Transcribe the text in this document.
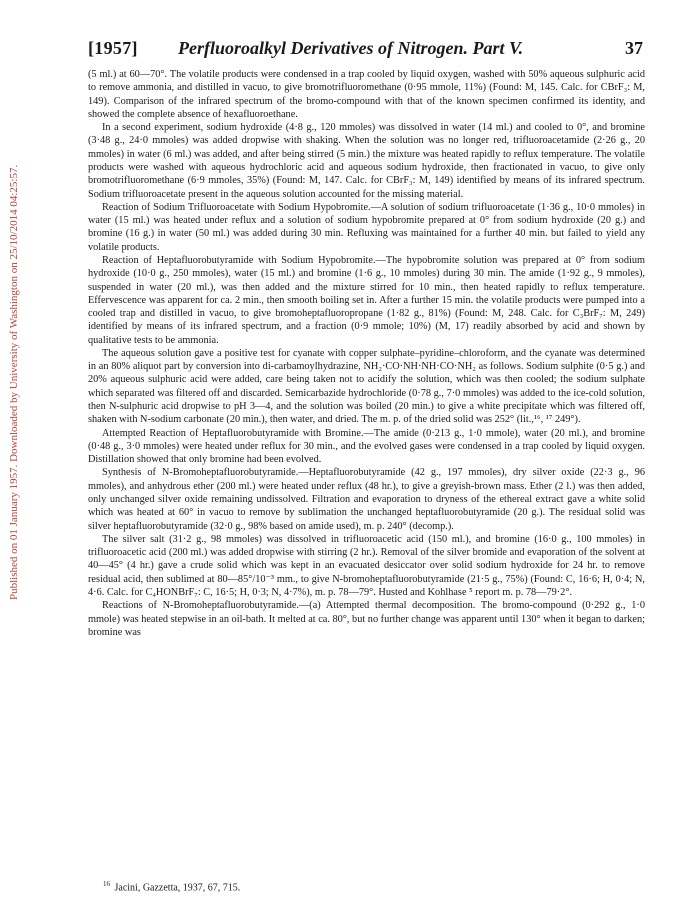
[1957] Perfluoroalkyl Derivatives of Nitrogen. Part V.	37
Published on 01 January 1957. Downloaded by University of Washington on 25/10/2014 04:25:57.

(5 ml.) at 60—70°. The volatile products were condensed in a trap cooled by liquid oxygen, washed with 50% aqueous sulphuric acid to remove ammonia, and distilled in vacuo, to give bromotrifluoromethane (0·95 mmole, 11%) (Found: M, 145. Calc. for CBrF₃: M, 149). Comparison of the infrared spectrum of the bromo-compound with that of the known specimen confirmed its identity, and showed the complete absence of hexafluoroethane.

In a second experiment, sodium hydroxide (4·8 g., 120 mmoles) was dissolved in water (14 ml.) and cooled to 0°, and bromine (3·48 g., 24·0 mmoles) was added dropwise with shaking. When the solution was no longer red, trifluoroacetamide (2·26 g., 20 mmoles) in water (6 ml.) was added, and after being stirred (5 min.) the mixture was heated rapidly to reflux temperature. The volatile products were washed with aqueous hydrochloric acid and aqueous sodium hydroxide, then fractionated in vacuo, to give only bromotrifluoromethane (6·9 mmoles, 35%) (Found: M, 147. Calc. for CBrF₃: M, 149) identified by means of its infrared spectrum. Sodium trifluoroacetate present in the aqueous solution accounted for the missing material.

Reaction of Sodium Trifluoroacetate with Sodium Hypobromite.—A solution of sodium trifluoroacetate (1·36 g., 10·0 mmoles) in water (15 ml.) was heated under reflux and a solution of sodium hypobromite prepared at 0° from sodium hydroxide (20 g.) and bromine (16 g.) in water (50 ml.) was added during 30 min. Refluxing was maintained for a further 40 min. but failed to yield any volatile products.

Reaction of Heptafluorobutyramide with Sodium Hypobromite.—The hypobromite solution was prepared at 0° from sodium hydroxide (10·0 g., 250 mmoles), water (15 ml.) and bromine (1·6 g., 10 mmoles) during 30 min. The amide (1·92 g., 9 mmoles), suspended in water (20 ml.), was then added and the mixture stirred for 10 min., then heated rapidly to reflux temperature. Effervescence was apparent for ca. 2 min., then smooth boiling set in. After a further 15 min. the volatile products were pumped into a cooled trap and distilled in vacuo, to give bromoheptafluoropropane (1·82 g., 81%) (Found: M, 248. Calc. for C₃BrF₇: M, 249) identified by means of its infrared spectrum, and a fraction (0·9 mmole; 10%) (M, 17) readily absorbed by acid and shown by qualitative tests to be ammonia.

The aqueous solution gave a positive test for cyanate with copper sulphate–pyridine–chloroform, and the cyanate was determined in an 80% aliquot part by conversion into di-carbamoylhydrazine, NH₂·CO·NH·NH·CO·NH₂ as follows. Sodium sulphite (0·5 g.) and 20% aqueous sulphuric acid were added, care being taken not to acidify the solution, which was then cooled; the sodium sulphate which separated was filtered off and discarded. Semicarbazide hydrochloride (0·78 g., 7·0 mmoles) was added to the ice-cold solution, then N-sulphuric acid dropwise to pH 3—4, and the solution was boiled (20 min.) to give a white precipitate which was filtered off, shaken with N-sodium carbonate (20 min.), then water, and dried. The m. p. of the dried solid was 252° (lit.,¹⁶, ¹⁷ 249°).

Attempted Reaction of Heptafluorobutyramide with Bromine.—The amide (0·213 g., 1·0 mmole), water (20 ml.), and bromine (0·48 g., 3·0 mmoles) were heated under reflux for 30 min., and the evolved gases were condensed in a trap cooled by liquid oxygen. Distillation showed that only bromine had been evolved.

Synthesis of N-Bromoheptafluorobutyramide.—Heptafluorobutyramide (42 g., 197 mmoles), dry silver oxide (22·3 g., 96 mmoles), and anhydrous ether (200 ml.) were heated under reflux (48 hr.), to give a greyish-brown mass. Ether (2 l.) was then added, only unchanged silver oxide remaining undissolved. Filtration and evaporation to dryness of the ethereal extract gave a white solid which was heated at 60° in vacuo to remove by sublimation the unchanged heptafluorobutyramide (20 g.). The residual solid was silver heptafluorobutyramide (32·0 g., 98% based on amide used), m. p. 240° (decomp.).

The silver salt (31·2 g., 98 mmoles) was dissolved in trifluoroacetic acid (150 ml.), and bromine (16·0 g., 100 mmoles) in trifluoroacetic acid (200 ml.) was added dropwise with stirring (2 hr.). Removal of the silver bromide and evaporation of the solvent at 40—45° (4 hr.) gave a crude solid which was kept in an evacuated desiccator over solid sodium hydroxide for 24 hr. to remove residual acid, then sublimed at 80—85°/10⁻³ mm., to give N-bromoheptafluorobutyramide (21·5 g., 75%) (Found: C, 16·6; H, 0·4; N, 4·6. Calc. for C₄HONBrF₇: C, 16·5; H, 0·3; N, 4·7%), m. p. 78—79°. Husted and Kohlhase ⁵ report m. p. 78—79·2°.

Reactions of N-Bromoheptafluorobutyramide.—(a) Attempted thermal decomposition. The bromo-compound (0·292 g., 1·0 mmole) was heated stepwise in an oil-bath. It melted at ca. 80°, but no further change was apparent until 130° when it began to darken; bromine was

$^{16}$ Jacini, Gazzetta, 1937, 67, 715.
